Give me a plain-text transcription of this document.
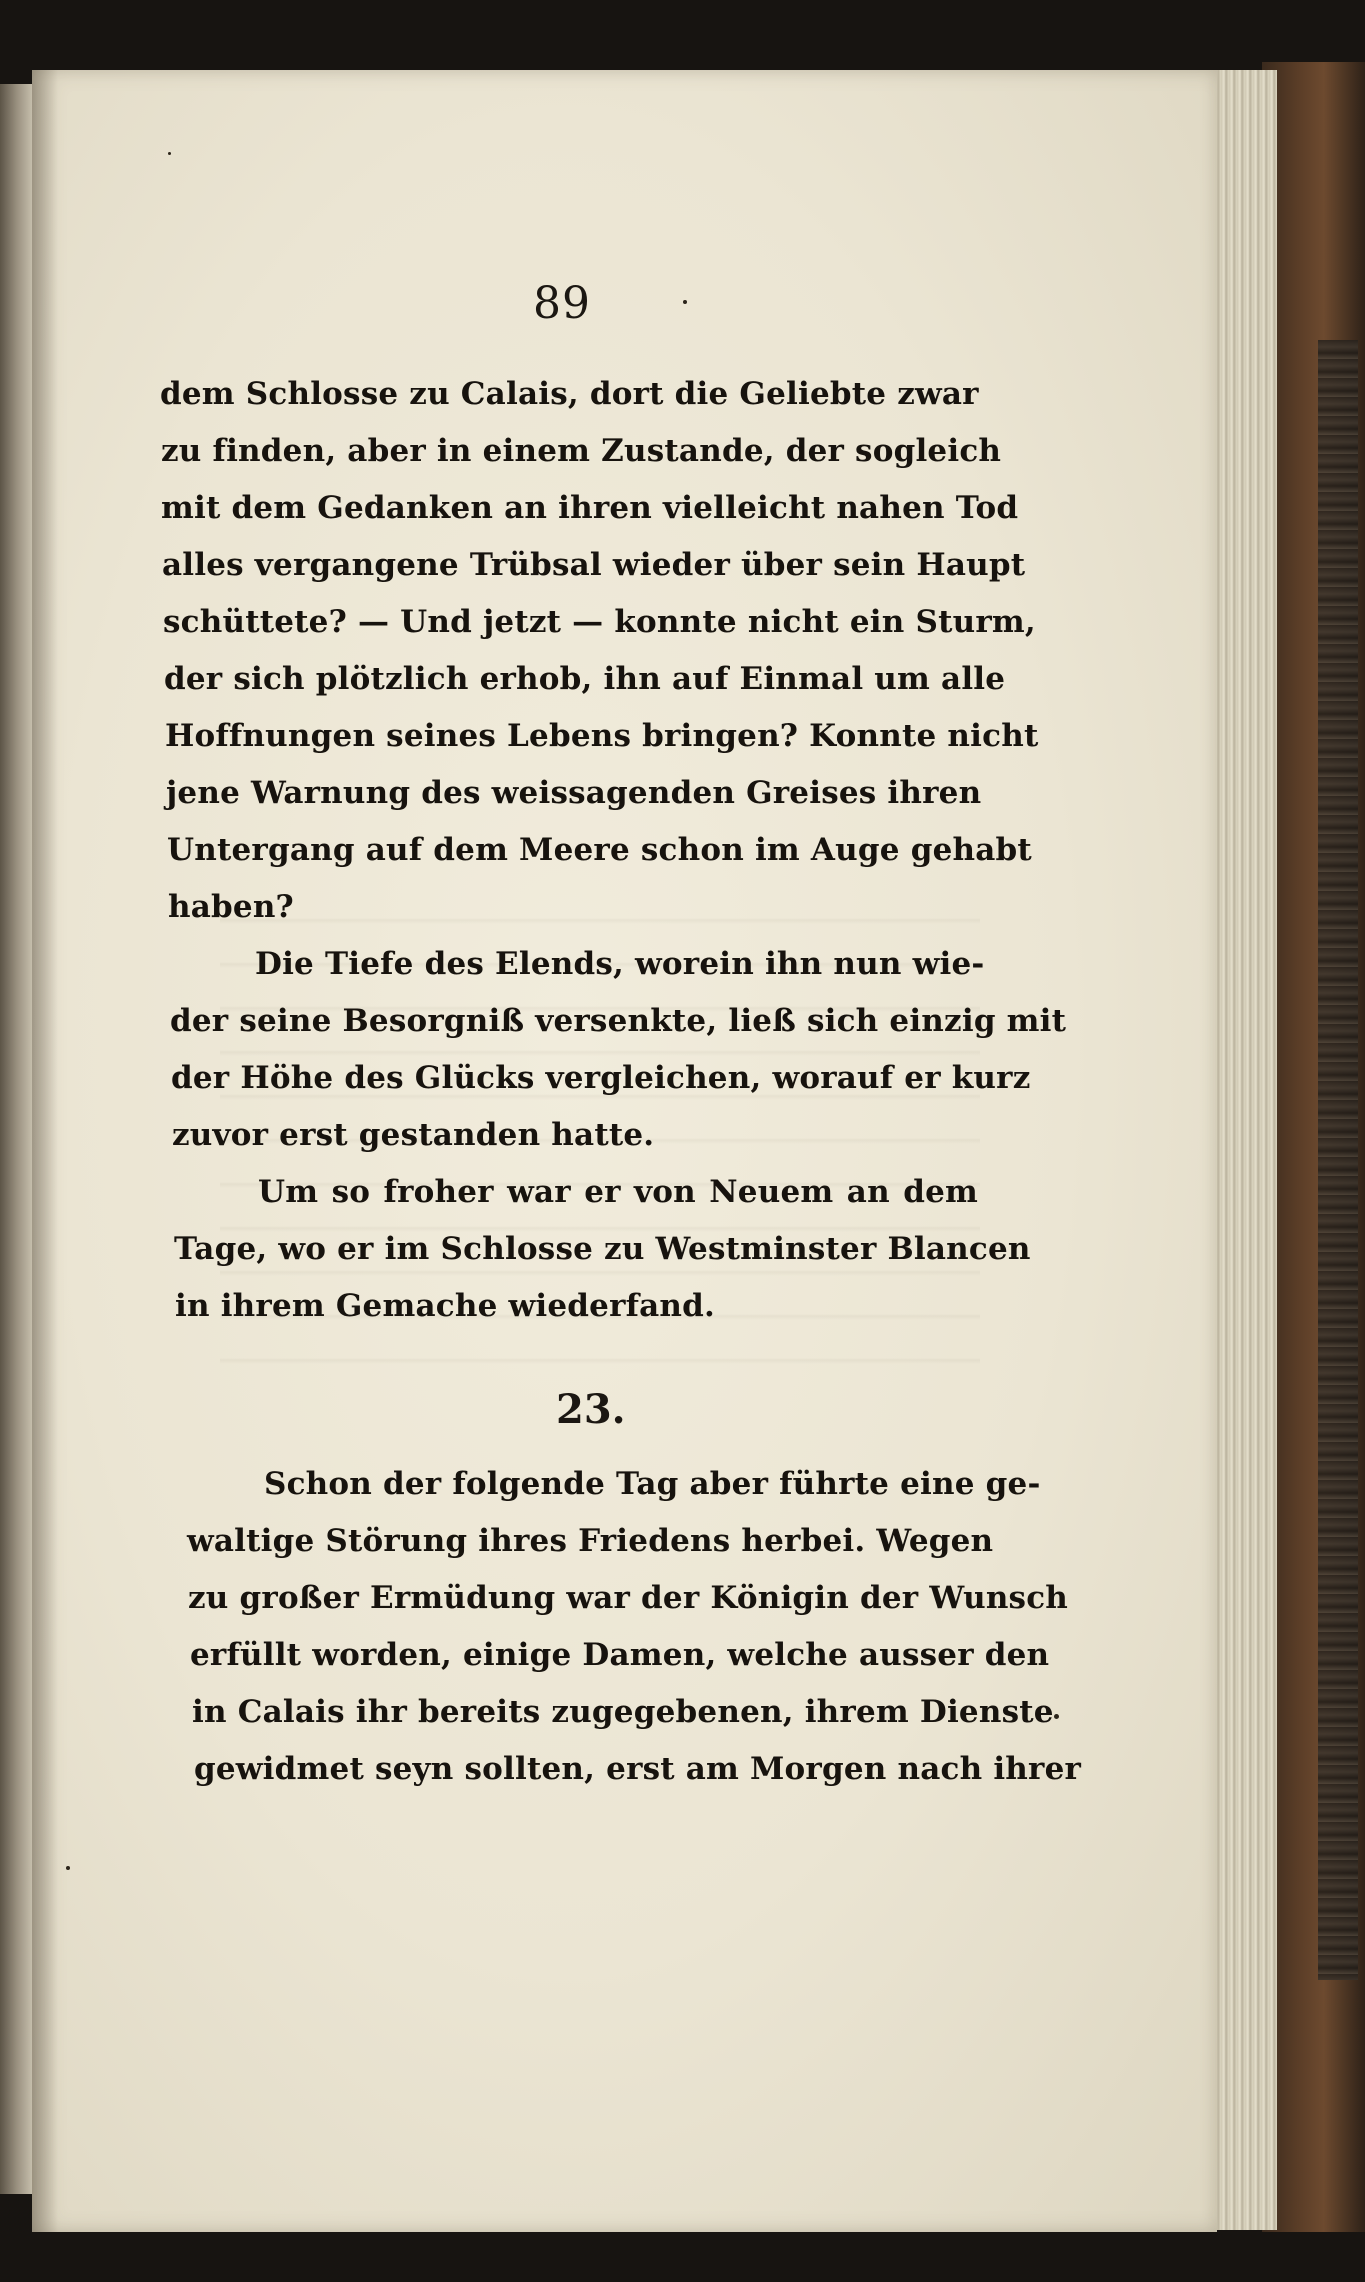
89
dem Schlosse zu Calais, dort die Geliebte zwar
zu finden, aber in einem Zustande, der sogleich
mit dem Gedanken an ihren vielleicht nahen Tod
alles vergangene Trübsal wieder über sein Haupt
schüttete? — Und jetzt — konnte nicht ein Sturm,
der sich plötzlich erhob, ihn auf Einmal um alle
Hoffnungen seines Lebens bringen? Konnte nicht
jene Warnung des weissagenden Greises ihren
Untergang auf dem Meere schon im Auge gehabt
haben?
Die Tiefe des Elends, worein ihn nun wie-
der seine Besorgniß versenkte, ließ sich einzig mit
der Höhe des Glücks vergleichen, worauf er kurz
zuvor erst gestanden hatte.
Um so froher war er von Neuem an dem
Tage, wo er im Schlosse zu Westminster Blancen
in ihrem Gemache wiederfand.
23.
Schon der folgende Tag aber führte eine ge-
waltige Störung ihres Friedens herbei. Wegen
zu großer Ermüdung war der Königin der Wunsch
erfüllt worden, einige Damen, welche ausser den
in Calais ihr bereits zugegebenen, ihrem Dienste
gewidmet seyn sollten, erst am Morgen nach ihrer
